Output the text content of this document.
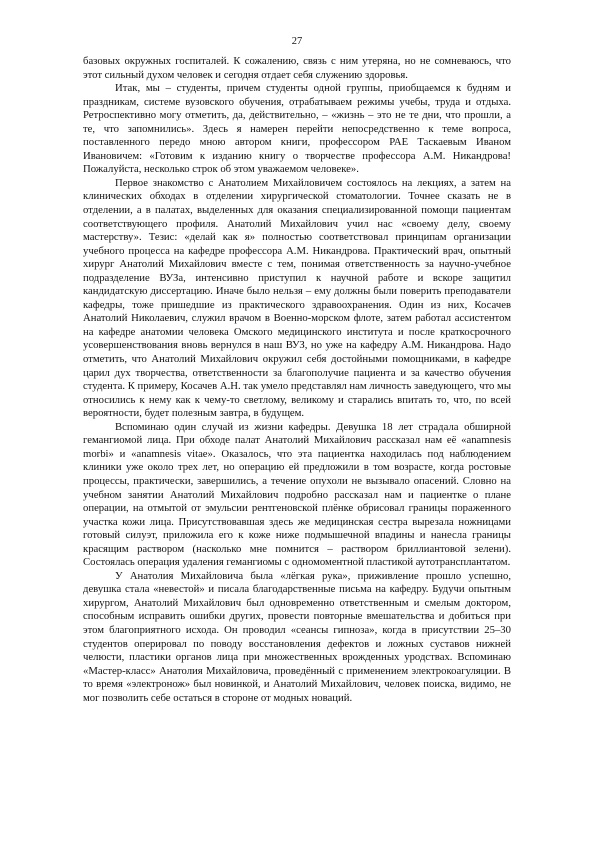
27

базовых окружных госпиталей. К сожалению, связь с ним утеряна, но не сомневаюсь, что этот сильный духом человек и сегодня отдает себя служению здоровья.

Итак, мы – студенты, причем студенты одной группы, приобщаемся к будням и праздникам, системе вузовского обучения, отрабатываем режимы учебы, труда и отдыха. Ретроспективно могу отметить, да, действительно, – «жизнь – это не те дни, что прошли, а те, что запомнились». Здесь я намерен перейти непосредственно к теме вопроса, поставленного передо мною автором книги, профессором РАЕ Таскаевым Иваном Ивановичем: «Готовим к изданию книгу о творчестве профессора А.М. Никандрова! Пожалуйста, несколько строк об этом уважаемом человеке».

Первое знакомство с Анатолием Михайловичем состоялось на лекциях, а затем на клинических обходах в отделении хирургической стоматологии. Точнее сказать не в отделении, а в палатах, выделенных для оказания специализированной помощи пациентам соответствующего профиля. Анатолий Михайлович учил нас «своему делу, своему мастерству». Тезис: «делай как я» полностью соответствовал принципам организации учебного процесса на кафедре профессора А.М. Никандрова. Практический врач, опытный хирург Анатолий Михайлович вместе с тем, понимая ответственность за научно-учебное подразделение ВУЗа, интенсивно приступил к научной работе и вскоре защитил кандидатскую диссертацию. Иначе было нельзя – ему должны были поверить преподаватели кафедры, тоже пришедшие из практического здравоохранения. Один из них, Косачев Анатолий Николаевич, служил врачом в Военно-морском флоте, затем работал ассистентом на кафедре анатомии человека Омского медицинского института и после краткосрочного усовершенствования вновь вернулся в наш ВУЗ, но уже на кафедру А.М. Никандрова. Надо отметить, что Анатолий Михайлович окружил себя достойными помощниками, в кафедре царил дух творчества, ответственности за благополучие пациента и за качество обучения студента. К примеру, Косачев А.Н. так умело представлял нам личность заведующего, что мы относились к нему как к чему-то светлому, великому и старались впитать то, что, по всей вероятности, будет полезным завтра, в будущем.

Вспоминаю один случай из жизни кафедры. Девушка 18 лет страдала обширной гемангиомой лица. При обходе палат Анатолий Михайлович рассказал нам её «anamnesis morbi» и «anamnesis vitae». Оказалось, что эта пациентка находилась под наблюдением клиники уже около трех лет, но операцию ей предложили в том возрасте, когда ростовые процессы, практически, завершились, а течение опухоли не вызывало опасений. Словно на учебном занятии Анатолий Михайлович подробно рассказал нам и пациентке о плане операции, на отмытой от эмульсии рентгеновской плёнке обрисовал границы пораженного участка кожи лица. Присутствовавшая здесь же медицинская сестра вырезала ножницами готовый силуэт, приложила его к коже ниже подмышечной впадины и нанесла границы красящим раствором (насколько мне помнится – раствором бриллиантовой зелени). Состоялась операция удаления гемангиомы с одномоментной пластикой аутотрансплантатом.

У Анатолия Михайловича была «лёгкая рука», приживление прошло успешно, девушка стала «невестой» и писала благодарственные письма на кафедру. Будучи опытным хирургом, Анатолий Михайлович был одновременно ответственным и смелым доктором, способным исправить ошибки других, провести повторные вмешательства и добиться при этом благоприятного исхода. Он проводил «сеансы гипноза», когда в присутствии 25–30 студентов оперировал по поводу восстановления дефектов и ложных суставов нижней челюсти, пластики органов лица при множественных врожденных уродствах. Вспоминаю «Мастер-класс» Анатолия Михайловича, проведённый с применением электрокоагуляции. В то время «электронож» был новинкой, и Анатолий Михайлович, человек поиска, видимо, не мог позволить себе остаться в стороне от модных новаций.
